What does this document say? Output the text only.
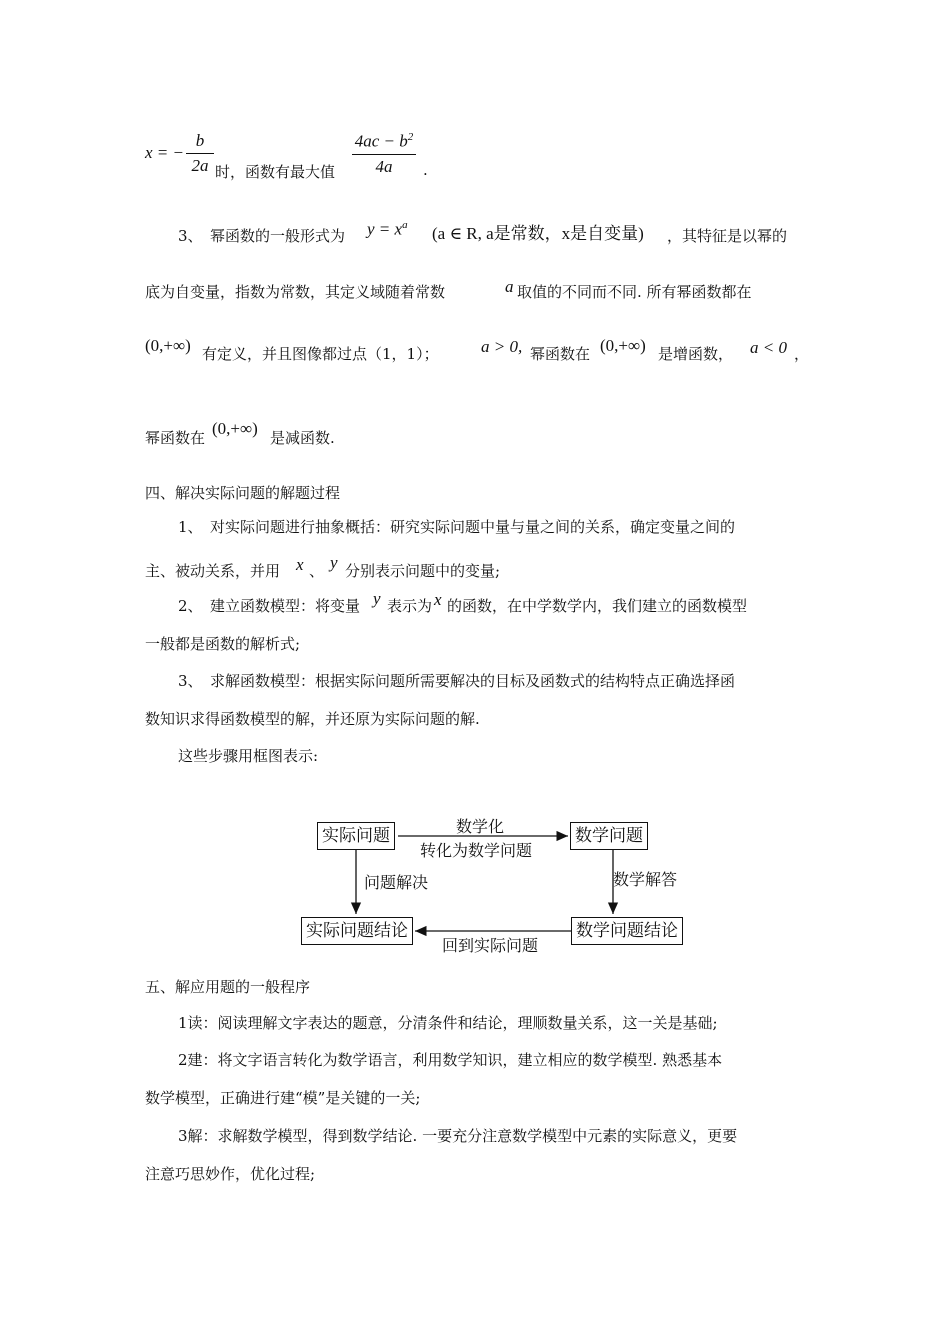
x = −
b
2a 时，函数有最大值
$4ac - b^2$
4a	.
3、　幂函数的一般形式为 $y = x^a$ (a ∈ R, a是常数，x是自变量) ，其特征是以幂的
底为自变量，指数为常数，其定义域随着常数	a 取值的不同而不同. 所有幂函数都在
(0,+∞) 有定义，并且图像都过点（1，1）； a > 0, 幂函数在 (0,+∞) 是增函数， a < 0 ，
幂函数在 (0,+∞) 是减函数.
四、解决实际问题的解题过程
1、　对实际问题进行抽象概括：研究实际问题中量与量之间的关系，确定变量之间的
主、被动关系，并用 x 、 y 分别表示问题中的变量;
2、　建立函数模型：将变量 y 表示为 x 的函数，在中学数学内，我们建立的函数模型
一般都是函数的解析式;
3、　求解函数模型：根据实际问题所需要解决的目标及函数式的结构特点正确选择函
数知识求得函数模型的解，并还原为实际问题的解.
这些步骤用框图表示:
实际问题	数学问题
数学问题结论
实际问题结论
数学化
转化为数学问题
数学解答
回到实际问题
问题解决
五、解应用题的一般程序
1读：阅读理解文字表达的题意，分清条件和结论，理顺数量关系，这一关是基础;
2建：将文字语言转化为数学语言，利用数学知识，建立相应的数学模型. 熟悉基本
数学模型，正确进行建“模”是关键的一关;
3解：求解数学模型，得到数学结论. 一要充分注意数学模型中元素的实际意义，更要
注意巧思妙作，优化过程;
